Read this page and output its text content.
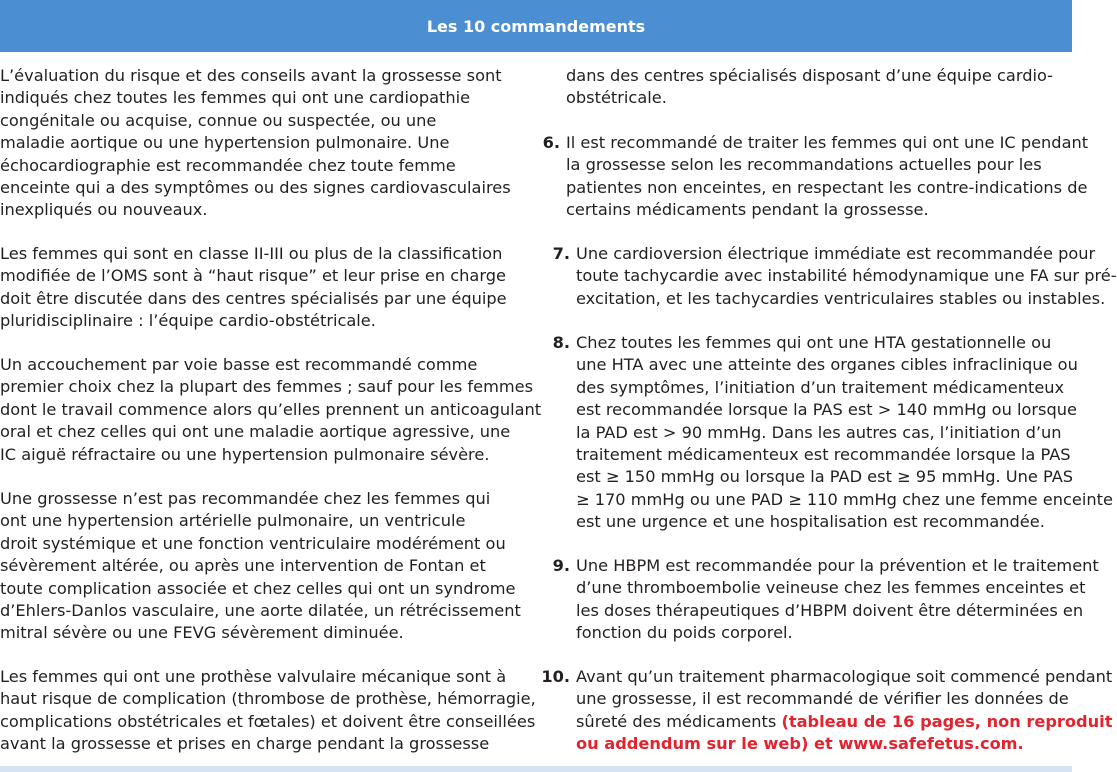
Les 10 commandements
L’évaluation du risque et des conseils avant la grossesse sont
indiqués chez toutes les femmes qui ont une cardiopathie
congénitale ou acquise, connue ou suspectée, ou une
maladie aortique ou une hypertension pulmonaire. Une
échocardiographie est recommandée chez toute femme
enceinte qui a des symptômes ou des signes cardiovasculaires
inexpliqués ou nouveaux.
Les femmes qui sont en classe II-III ou plus de la classification
modifiée de l’OMS sont à “haut risque” et leur prise en charge
doit être discutée dans des centres spécialisés par une équipe
pluridisciplinaire : l’équipe cardio-obstétricale.
Un accouchement par voie basse est recommandé comme
premier choix chez la plupart des femmes ; sauf pour les femmes
dont le travail commence alors qu’elles prennent un anticoagulant
oral et chez celles qui ont une maladie aortique agressive, une
IC aiguë réfractaire ou une hypertension pulmonaire sévère.
Une grossesse n’est pas recommandée chez les femmes qui
ont une hypertension artérielle pulmonaire, un ventricule
droit systémique et une fonction ventriculaire modérément ou
sévèrement altérée, ou après une intervention de Fontan et
toute complication associée et chez celles qui ont un syndrome
d’Ehlers-Danlos vasculaire, une aorte dilatée, un rétrécissement
mitral sévère ou une FEVG sévèrement diminuée.
Les femmes qui ont une prothèse valvulaire mécanique sont à
haut risque de complication (thrombose de prothèse, hémorragie,
complications obstétricales et fœtales) et doivent être conseillées
avant la grossesse et prises en charge pendant la grossesse
dans des centres spécialisés disposant d’une équipe cardio-
obstétricale.
6. Il est recommandé de traiter les femmes qui ont une IC pendant
la grossesse selon les recommandations actuelles pour les
patientes non enceintes, en respectant les contre-indications de
certains médicaments pendant la grossesse.
7. Une cardioversion électrique immédiate est recommandée pour
toute tachycardie avec instabilité hémodynamique une FA sur pré-
excitation, et les tachycardies ventriculaires stables ou instables.
8. Chez toutes les femmes qui ont une HTA gestationnelle ou
une HTA avec une atteinte des organes cibles infraclinique ou
des symptômes, l’initiation d’un traitement médicamenteux
est recommandée lorsque la PAS est > 140 mmHg ou lorsque
la PAD est > 90 mmHg. Dans les autres cas, l’initiation d’un
traitement médicamenteux est recommandée lorsque la PAS
est ≥ 150 mmHg ou lorsque la PAD est ≥ 95 mmHg. Une PAS
≥ 170 mmHg ou une PAD ≥ 110 mmHg chez une femme enceinte
est une urgence et une hospitalisation est recommandée.
9. Une HBPM est recommandée pour la prévention et le traitement
d’une thromboembolie veineuse chez les femmes enceintes et
les doses thérapeutiques d’HBPM doivent être déterminées en
fonction du poids corporel.
10. Avant qu’un traitement pharmacologique soit commencé pendant
une grossesse, il est recommandé de vérifier les données de
sûreté des médicaments (tableau de 16 pages, non reproduit
ou addendum sur le web) et www.safefetus.com.
